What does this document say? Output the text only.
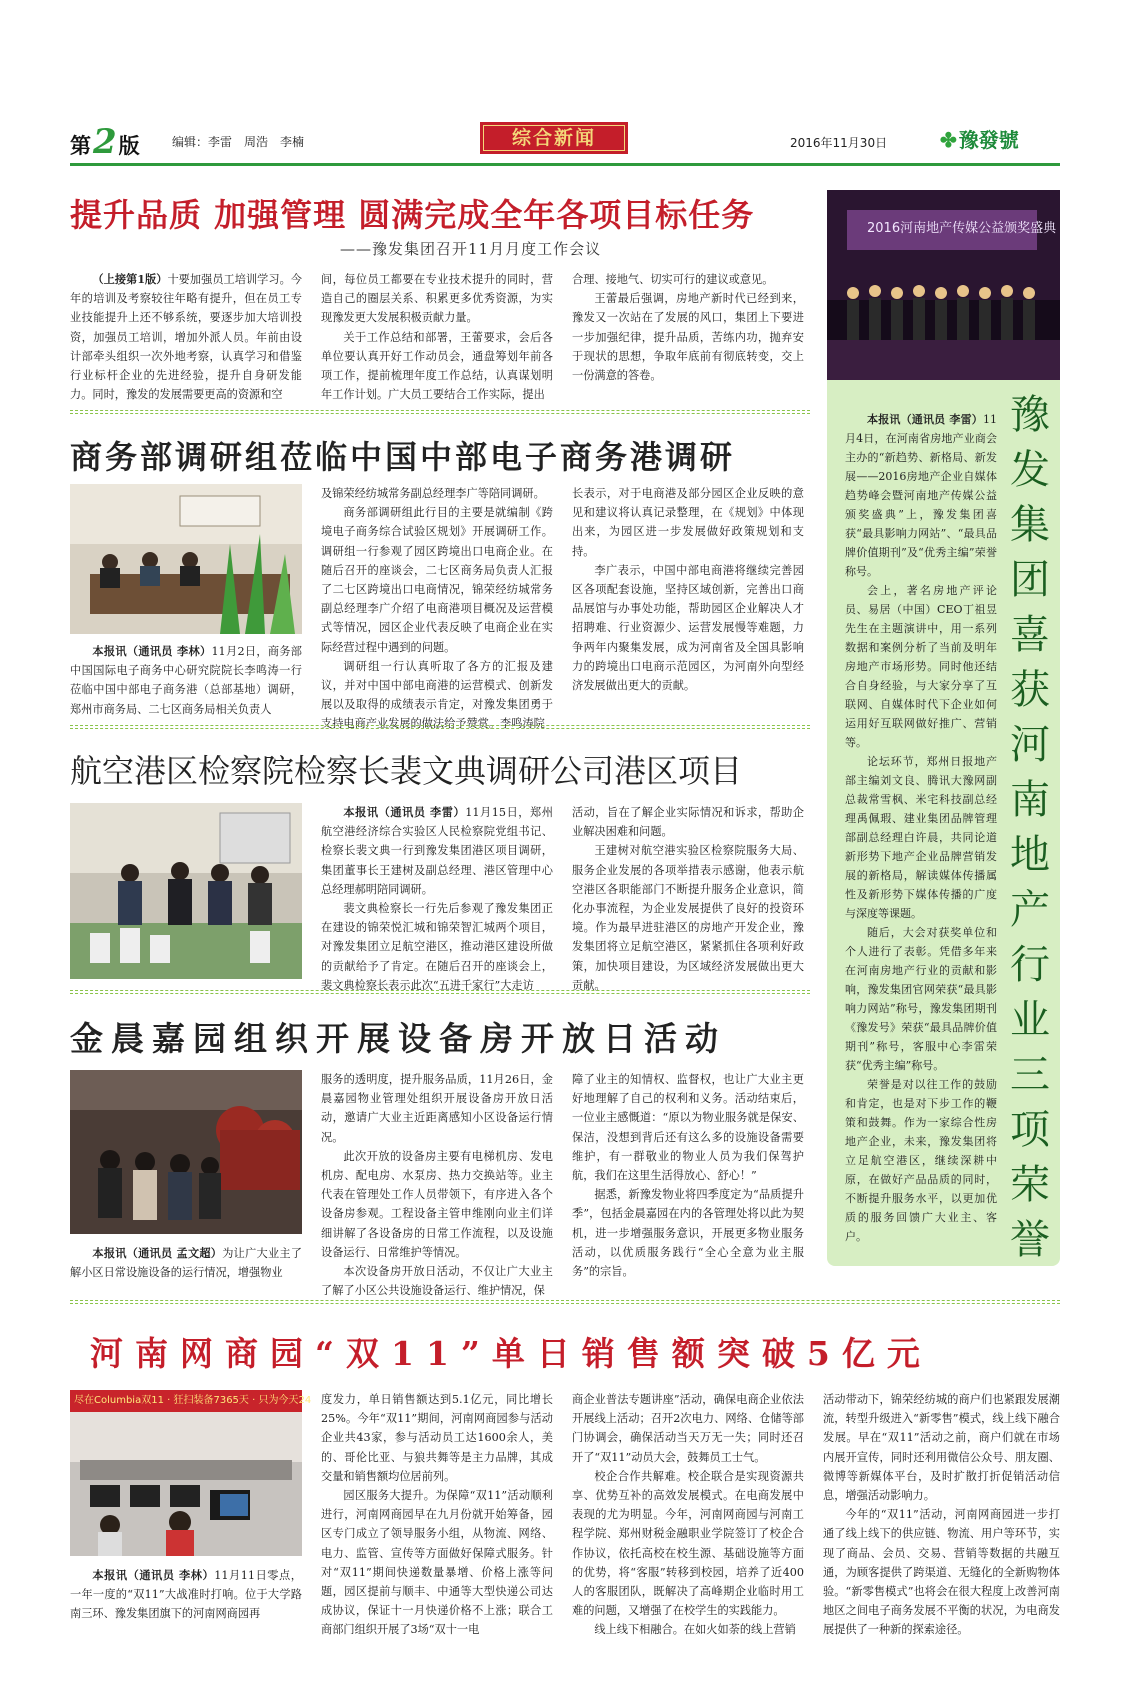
第2版	编辑：李雷　周浩　李楠	综合新闻	2016年11月30日	✤ 豫發號
提升品质 加强管理 圆满完成全年各项目标任务
——豫发集团召开11月月度工作会议

（上接第1版）十要加强员工培训学习。今年的培训及考察较往年略有提升，但在员工专业技能提升上还不够系统，要逐步加大培训投资，加强员工培训，增加外派人员。年前由设计部牵头组织一次外地考察，认真学习和借鉴行业标杆企业的先进经验，提升自身研发能力。同时，豫发的发展需要更高的资源和空

间，每位员工都要在专业技术提升的同时，营造自己的圈层关系、积累更多优秀资源，为实现豫发更大发展积极贡献力量。

关于工作总结和部署，王蕾要求，会后各单位要认真开好工作动员会，通盘筹划年前各项工作，提前梳理年度工作总结，认真谋划明年工作计划。广大员工要结合工作实际，提出

合理、接地气、切实可行的建议或意见。

王蕾最后强调，房地产新时代已经到来，豫发又一次站在了发展的风口，集团上下要进一步加强纪律，提升品质，苦练内功，抛弃安于现状的思想，争取年底前有彻底转变，交上一份满意的答卷。

商务部调研组莅临中国中部电子商务港调研

本报讯（通讯员 李林）11月2日，商务部中国国际电子商务中心研究院院长李鸣涛一行莅临中国中部电子商务港（总部基地）调研，郑州市商务局、二七区商务局相关负责人

及锦荣经纺城常务副总经理李广等陪同调研。

商务部调研组此行目的主要是就编制《跨境电子商务综合试验区规划》开展调研工作。调研组一行参观了园区跨境出口电商企业。在随后召开的座谈会，二七区商务局负责人汇报了二七区跨境出口电商情况，锦荣经纺城常务副总经理李广介绍了电商港项目概况及运营模式等情况，园区企业代表反映了电商企业在实际经营过程中遇到的问题。

调研组一行认真听取了各方的汇报及建议，并对中国中部电商港的运营模式、创新发展以及取得的成绩表示肯定，对豫发集团勇于支持电商产业发展的做法给予赞赏。李鸣涛院

长表示，对于电商港及部分园区企业反映的意见和建议将认真记录整理，在《规划》中体现出来，为园区进一步发展做好政策规划和支持。

李广表示，中国中部电商港将继续完善园区各项配套设施，坚持区域创新，完善出口商品展馆与办事处功能，帮助园区企业解决人才招聘难、行业资源少、运营发展慢等难题，力争两年内聚集发展，成为河南省及全国具影响力的跨境出口电商示范园区，为河南外向型经济发展做出更大的贡献。

航空港区检察院检察长裴文典调研公司港区项目

本报讯（通讯员 李雷）11月15日，郑州航空港经济综合实验区人民检察院党组书记、检察长裴文典一行到豫发集团港区项目调研，集团董事长王建树及副总经理、港区管理中心总经理郝明陪同调研。

裴文典检察长一行先后参观了豫发集团正在建设的锦荣悦汇城和锦荣智汇城两个项目，对豫发集团立足航空港区，推动港区建设所做的贡献给予了肯定。在随后召开的座谈会上，裴文典检察长表示此次“五进千家行”大走访

活动，旨在了解企业实际情况和诉求，帮助企业解决困难和问题。

王建树对航空港实验区检察院服务大局、服务企业发展的各项举措表示感谢，他表示航空港区各职能部门不断提升服务企业意识，简化办事流程，为企业发展提供了良好的投资环境。作为最早进驻港区的房地产开发企业，豫发集团将立足航空港区，紧紧抓住各项利好政策，加快项目建设，为区域经济发展做出更大贡献。

金晨嘉园组织开展设备房开放日活动

本报讯（通讯员 孟文超）为让广大业主了解小区日常设施设备的运行情况，增强物业

服务的透明度，提升服务品质，11月26日，金晨嘉园物业管理处组织开展设备房开放日活动，邀请广大业主近距离感知小区设备运行情况。

此次开放的设备房主要有电梯机房、发电机房、配电房、水泵房、热力交换站等。业主代表在管理处工作人员带领下，有序进入各个设备房参观。工程设备主管申维刚向业主们详细讲解了各设备房的日常工作流程，以及设施设备运行、日常维护等情况。

本次设备房开放日活动，不仅让广大业主了解了小区公共设施设备运行、维护情况，保

障了业主的知情权、监督权，也让广大业主更好地理解了自己的权利和义务。活动结束后，一位业主感慨道：“原以为物业服务就是保安、保洁，没想到背后还有这么多的设施设备需要维护，有一群敬业的物业人员为我们保驾护航，我们在这里生活得放心、舒心！”

据悉，新豫发物业将四季度定为“品质提升季”，包括金晨嘉园在内的各管理处将以此为契机，进一步增强服务意识，开展更多物业服务活动，以优质服务践行“全心全意为业主服务”的宗旨。

河南网商园“双11”单日销售额突破5亿元
尽在Columbia双11 · 狂扫装备7365天 · 只为今天24

本报讯（通讯员 李林）11月11日零点，一年一度的“双11”大战准时打响。位于大学路南三环、豫发集团旗下的河南网商园再

度发力，单日销售额达到5.1亿元，同比增长25%。今年“双11”期间，河南网商园参与活动企业共43家，参与活动员工达1600余人，美的、哥伦比亚、与狼共舞等是主力品牌，其成交量和销售额均位居前列。

园区服务大提升。为保障“双11”活动顺利进行，河南网商园早在九月份就开始筹备，园区专门成立了领导服务小组，从物流、网络、电力、监管、宣传等方面做好保障式服务。针对“双11”期间快递数量暴增、价格上涨等问题，园区提前与顺丰、中通等大型快递公司达成协议，保证十一月快递价格不上涨；联合工商部门组织开展了3场“双十一电

商企业普法专题讲座”活动，确保电商企业依法开展线上活动；召开2次电力、网络、仓储等部门协调会，确保活动当天万无一失；同时还召开了“双11”动员大会，鼓舞员工士气。

校企合作共解难。校企联合是实现资源共享、优势互补的高效发展模式。在电商发展中表现的尤为明显。今年，河南网商园与河南工程学院、郑州财税金融职业学院签订了校企合作协议，依托高校在校生源、基础设施等方面的优势，将“客服”转移到校园，培养了近400人的客服团队，既解决了高峰期企业临时用工难的问题，又增强了在校学生的实践能力。

线上线下相融合。在如火如荼的线上营销

活动带动下，锦荣经纺城的商户们也紧跟发展潮流，转型升级进入“新零售”模式，线上线下融合发展。早在“双11”活动之前，商户们就在市场内展开宣传，同时还利用微信公众号、朋友圈、微博等新媒体平台，及时扩散打折促销活动信息，增强活动影响力。

今年的“双11”活动，河南网商园进一步打通了线上线下的供应链、物流、用户等环节，实现了商品、会员、交易、营销等数据的共融互通，为顾客提供了跨渠道、无缝化的全新购物体验。“新零售模式”也将会在很大程度上改善河南地区之间电子商务发展不平衡的状况，为电商发展提供了一种新的探索途径。

2016河南地产传媒公益颁奖盛典
豫
发
集
团
喜
获
河
南
地
产
行
业
三
项
荣
誉

本报讯（通讯员 李雷）11月4日，在河南省房地产业商会主办的“新趋势、新格局、新发展——2016房地产企业自媒体趋势峰会暨河南地产传媒公益颁奖盛典”上，豫发集团喜获“最具影响力网站”、“最具品牌价值期刊”及“优秀主编”荣誉称号。

会上，著名房地产评论员、易居（中国）CEO丁祖昱先生在主题演讲中，用一系列数据和案例分析了当前及明年房地产市场形势。同时他还结合自身经验，与大家分享了互联网、自媒体时代下企业如何运用好互联网做好推广、营销等。

论坛环节，郑州日报地产部主编刘文良、腾讯大豫网副总裁常雪枫、米宅科技副总经理禹佩瑕、建业集团品牌管理部副总经理白许晨，共同论道新形势下地产企业品牌营销发展的新格局，解读媒体传播属性及新形势下媒体传播的广度与深度等课题。

随后，大会对获奖单位和个人进行了表彰。凭借多年来在河南房地产行业的贡献和影响，豫发集团官网荣获“最具影响力网站”称号，豫发集团期刊《豫发号》荣获“最具品牌价值期刊”称号，客服中心李雷荣获“优秀主编”称号。

荣誉是对以往工作的鼓励和肯定，也是对下步工作的鞭策和鼓舞。作为一家综合性房地产企业，未来，豫发集团将立足航空港区，继续深耕中原，在做好产品品质的同时，不断提升服务水平，以更加优质的服务回馈广大业主、客户。
